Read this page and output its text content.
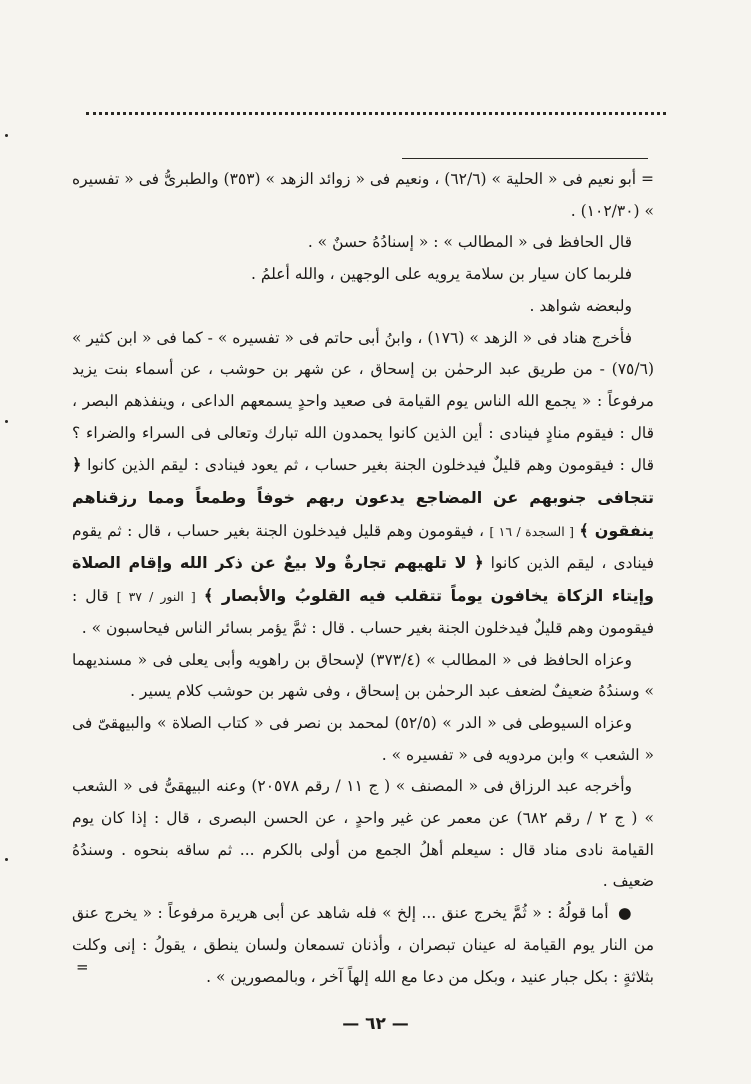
= أبو نعيم فى « الحلية » (٦٢/٦) ، ونعيم فى « زوائد الزهد » (٣٥٣) والطبرىُّ فى « تفسيره » (١٠٢/٣٠) .

قال الحافظ فى « المطالب » : « إسنادُهُ حسنٌ » .

فلربما كان سيار بن سلامة يرويه على الوجهين ، والله أعلمُ .

ولبعضه شواهد .

فأخرج هناد فى « الزهد » (١٧٦) ، وابنُ أبى حاتم فى « تفسيره » - كما فى « ابن كثير » (٧٥/٦) - من طريق عبد الرحمٰن بن إسحاق ، عن شهر بن حوشب ، عن أسماء بنت يزيد مرفوعاً : « يجمع الله الناس يوم القيامة فى صعيد واحدٍ يسمعهم الداعى ، وينفذهم البصر ، قال : فيقوم منادٍ فينادى : أين الذين كانوا يحمدون الله تبارك وتعالى فى السراء والضراء ؟ قال : فيقومون وهم قليلٌ فيدخلون الجنة بغير حساب ، ثم يعود فينادى : ليقم الذين كانوا ﴿ تتجافى جنوبهم عن المضاجع يدعون ربهم خوفاً وطمعاً ومما رزقناهم ينفقون ﴾ [ السجدة / ١٦ ] ، فيقومون وهم قليل فيدخلون الجنة بغير حساب ، قال : ثم يقوم فينادى ، ليقم الذين كانوا ﴿ لا تلهيهم تجارةٌ ولا بيعٌ عن ذكر الله وإقام الصلاة وإيتاء الزكاة يخافون يوماً تتقلب فيه القلوبُ والأبصار ﴾ [ النور / ٣٧ ] قال : فيقومون وهم قليلٌ فيدخلون الجنة بغير حساب . قال : ثمَّ يؤمر بسائر الناس فيحاسبون » .

وعزاه الحافظ فى « المطالب » (٣٧٣/٤) لإسحاق بن راهويه وأبى يعلى فى « مسنديهما » وسندُهُ ضعيفٌ لضعف عبد الرحمٰن بن إسحاق ، وفى شهر بن حوشب كلام يسير .

وعزاه السيوطى فى « الدر » (٥٢/٥) لمحمد بن نصر فى « كتاب الصلاة » والبيهقىّ فى « الشعب » وابن مردويه فى « تفسيره » .

وأخرجه عبد الرزاق فى « المصنف » ( ج ١١ / رقم ٢٠٥٧٨) وعنه البيهقىُّ فى « الشعب » ( ج ٢ / رقم ٦٨٢) عن معمر عن غير واحدٍ ، عن الحسن البصرى ، قال : إذا كان يوم القيامة نادى مناد قال : سيعلم أهلُ الجمع من أولى بالكرم ... ثم ساقه بنحوه . وسندُهُ ضعيف .

● أما قولُهُ : « ثُمَّ يخرج عنق ... إلخ » فله شاهد عن أبى هريرة مرفوعاً : « يخرج عنق من النار يوم القيامة له عينان تبصران ، وأذنان تسمعان ولسان ينطق ، يقولُ : إنى وكلت بثلاثةٍ : بكل جبار عنيد ، وبكل من دعا مع الله إلهاً آخر ، وبالمصورين » .

=
— ٦٢ —
